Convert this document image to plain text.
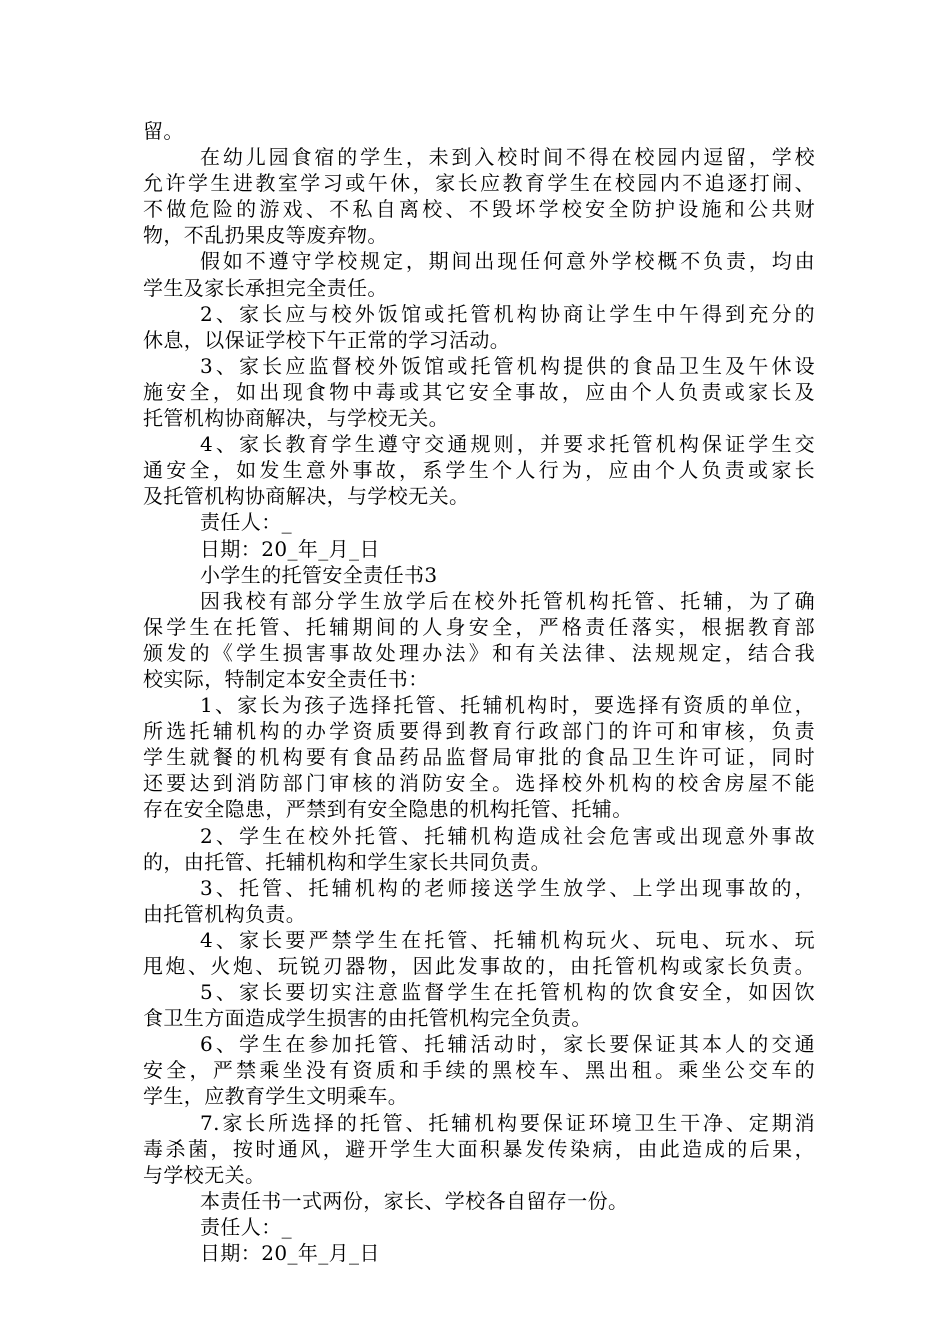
留。
在幼儿园食宿的学生，未到入校时间不得在校园内逗留，学校
允许学生进教室学习或午休，家长应教育学生在校园内不追逐打闹、
不做危险的游戏、不私自离校、不毁坏学校安全防护设施和公共财
物，不乱扔果皮等废弃物。
假如不遵守学校规定，期间出现任何意外学校概不负责，均由
学生及家长承担完全责任。
2、家长应与校外饭馆或托管机构协商让学生中午得到充分的
休息，以保证学校下午正常的学习活动。
3、家长应监督校外饭馆或托管机构提供的食品卫生及午休设
施安全，如出现食物中毒或其它安全事故，应由个人负责或家长及
托管机构协商解决，与学校无关。
4、家长教育学生遵守交通规则，并要求托管机构保证学生交
通安全，如发生意外事故，系学生个人行为，应由个人负责或家长
及托管机构协商解决，与学校无关。
责任人：_
日期：20_年_月_日
小学生的托管安全责任书3
因我校有部分学生放学后在校外托管机构托管、托辅，为了确
保学生在托管、托辅期间的人身安全，严格责任落实，根据教育部
颁发的《学生损害事故处理办法》和有关法律、法规规定，结合我
校实际，特制定本安全责任书：
1、家长为孩子选择托管、托辅机构时，要选择有资质的单位，
所选托辅机构的办学资质要得到教育行政部门的许可和审核，负责
学生就餐的机构要有食品药品监督局审批的食品卫生许可证，同时
还要达到消防部门审核的消防安全。选择校外机构的校舍房屋不能
存在安全隐患，严禁到有安全隐患的机构托管、托辅。
2、学生在校外托管、托辅机构造成社会危害或出现意外事故
的，由托管、托辅机构和学生家长共同负责。
3、托管、托辅机构的老师接送学生放学、上学出现事故的，
由托管机构负责。
4、家长要严禁学生在托管、托辅机构玩火、玩电、玩水、玩
甩炮、火炮、玩锐刃器物，因此发事故的，由托管机构或家长负责。
5、家长要切实注意监督学生在托管机构的饮食安全，如因饮
食卫生方面造成学生损害的由托管机构完全负责。
6、学生在参加托管、托辅活动时，家长要保证其本人的交通
安全，严禁乘坐没有资质和手续的黑校车、黑出租。乘坐公交车的
学生，应教育学生文明乘车。
7.家长所选择的托管、托辅机构要保证环境卫生干净、定期消
毒杀菌，按时通风，避开学生大面积暴发传染病，由此造成的后果，
与学校无关。
本责任书一式两份，家长、学校各自留存一份。
责任人：_
日期：20_年_月_日
